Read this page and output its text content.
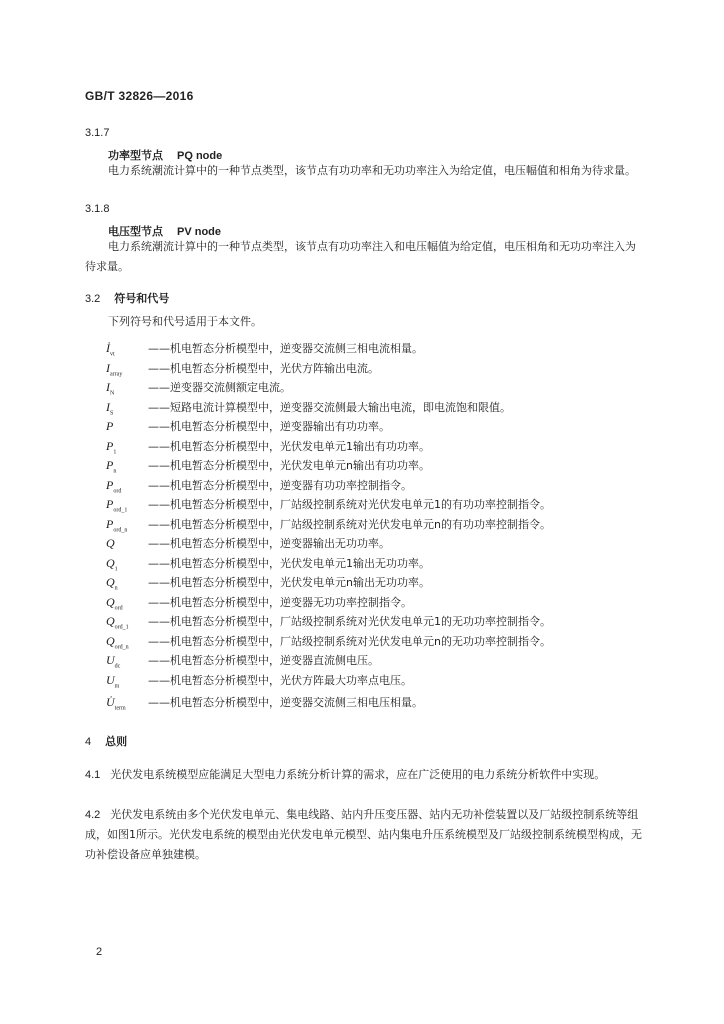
GB/T 32826—2016
3.1.7
功率型节点 PQ node
电力系统潮流计算中的一种节点类型，该节点有功功率和无功功率注入为给定值，电压幅值和相角为待求量。
3.1.8
电压型节点 PV node
电力系统潮流计算中的一种节点类型，该节点有功功率注入和电压幅值为给定值，电压相角和无功功率注入为待求量。
3.2 符号和代号
下列符号和代号适用于本文件。
$İ_{vt}$	——机电暂态分析模型中，逆变器交流侧三相电流相量。
$I_{array}$ ——机电暂态分析模型中，光伏方阵输出电流。
$I_N$	——逆变器交流侧额定电流。
$I_S$	——短路电流计算模型中，逆变器交流侧最大输出电流，即电流饱和限值。
P	——机电暂态分析模型中，逆变器输出有功功率。
$P_1$	——机电暂态分析模型中，光伏发电单元1输出有功功率。
$P_n$	——机电暂态分析模型中，光伏发电单元n输出有功功率。
$P_{ord}$ ——机电暂态分析模型中，逆变器有功功率控制指令。
$P_{ord\_1}$ ——机电暂态分析模型中，厂站级控制系统对光伏发电单元1的有功功率控制指令。
$P_{ord\_n}$ ——机电暂态分析模型中，厂站级控制系统对光伏发电单元n的有功功率控制指令。
Q	——机电暂态分析模型中，逆变器输出无功功率。
$Q_1$	——机电暂态分析模型中，光伏发电单元1输出无功功率。
$Q_n$	——机电暂态分析模型中，光伏发电单元n输出无功功率。
$Q_{ord}$ ——机电暂态分析模型中，逆变器无功功率控制指令。
$Q_{ord\_1}$ ——机电暂态分析模型中，厂站级控制系统对光伏发电单元1的无功功率控制指令。
$Q_{ord\_n}$ ——机电暂态分析模型中，厂站级控制系统对光伏发电单元n的无功功率控制指令。
$U_{dc}$	——机电暂态分析模型中，逆变器直流侧电压。
$U_m$	——机电暂态分析模型中，光伏方阵最大功率点电压。
$U̇_{term}$ ——机电暂态分析模型中，逆变器交流侧三相电压相量。
4 总则
4.1 光伏发电系统模型应能满足大型电力系统分析计算的需求，应在广泛使用的电力系统分析软件中实现。
4.2 光伏发电系统由多个光伏发电单元、集电线路、站内升压变压器、站内无功补偿装置以及厂站级控制系统等组成，如图1所示。光伏发电系统的模型由光伏发电单元模型、站内集电升压系统模型及厂站级控制系统模型构成，无功补偿设备应单独建模。
2
